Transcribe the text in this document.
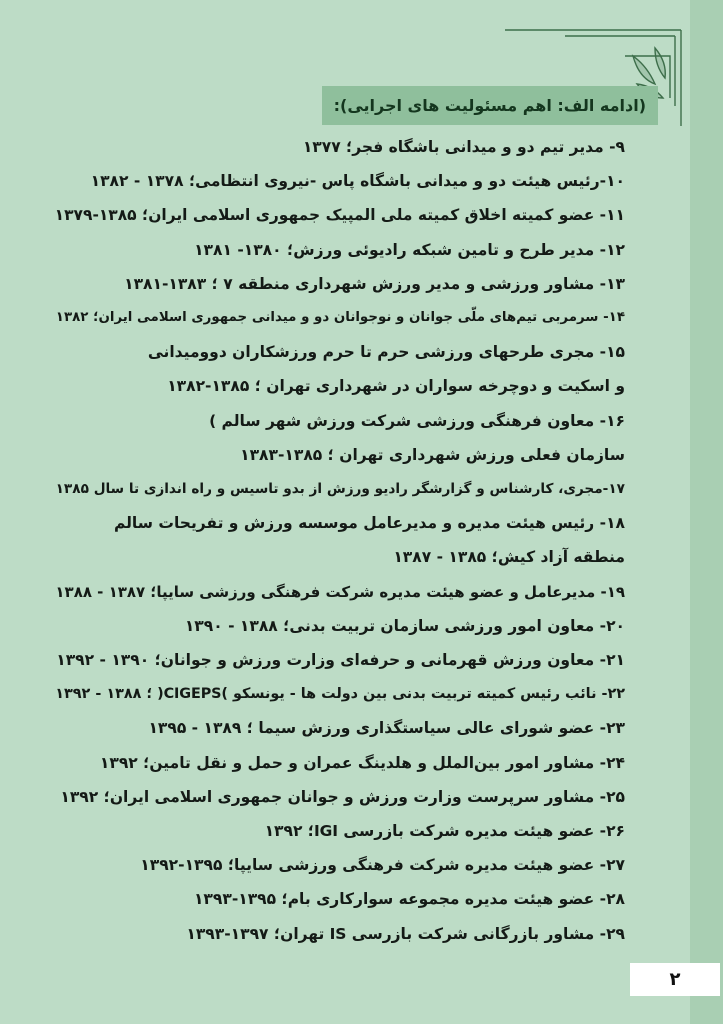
(ادامه الف: اهم مسئولیت های اجرایی):
۹- مدیر تیم دو و میدانی باشگاه فجر؛ ۱۳۷۷
۱۰-رئیس هیئت دو و میدانی باشگاه پاس -نیروی انتظامی؛ ۱۳۷۸ - ۱۳۸۲
۱۱- عضو کمیته اخلاق کمیته ملی المپیک جمهوری اسلامی ایران؛ ۱۳۸۵-۱۳۷۹
۱۲- مدیر طرح و تامین شبکه رادیوئی ورزش؛ ۱۳۸۰- ۱۳۸۱
۱۳- مشاور ورزشی و مدیر ورزش شهرداری منطقه ۷ ؛ ۱۳۸۳-۱۳۸۱
۱۴- سرمربی تیم‌های ملّی جوانان و نوجوانان دو و میدانی جمهوری اسلامی ایران؛ ۱۳۸۲
۱۵- مجری طرحهای ورزشی حرم تا حرم ورزشکاران دوومیدانی
و اسکیت و دوچرخه سواران در شهرداری تهران ؛ ۱۳۸۵-۱۳۸۲
۱۶- معاون فرهنگی ورزشی شرکت ورزش شهر سالم )
سازمان فعلی ورزش شهرداری تهران ؛ ۱۳۸۵-۱۳۸۳
۱۷-مجری، کارشناس و گزارشگر رادیو ورزش از بدو تاسیس و راه اندازی تا سال ۱۳۸۵
۱۸- رئیس هیئت مدیره و مدیرعامل موسسه ورزش و تفریحات سالم
منطقه آزاد کیش؛ ۱۳۸۵ - ۱۳۸۷
۱۹- مدیرعامل و عضو هیئت مدیره شرکت فرهنگی ورزشی سایپا؛ ۱۳۸۷ - ۱۳۸۸
۲۰- معاون امور ورزشی سازمان تربیت بدنی؛ ۱۳۸۸ - ۱۳۹۰
۲۱- معاون ورزش قهرمانی و حرفه‌ای وزارت ورزش و جوانان؛ ۱۳۹۰ - ۱۳۹۲
۲۲- نائب رئیس کمیته تربیت بدنی بین دولت ها - یونسکو )CIGEPS( ؛ ۱۳۸۸ - ۱۳۹۲
۲۳- عضو شورای عالی سیاستگذاری ورزش سیما ؛ ۱۳۸۹ - ۱۳۹۵
۲۴- مشاور امور بین‌الملل و هلدینگ عمران و حمل و نقل تامین؛ ۱۳۹۲
۲۵- مشاور سرپرست وزارت ورزش و جوانان جمهوری اسلامی ایران؛ ۱۳۹۲
۲۶- عضو هیئت مدیره شرکت بازرسی IGI؛ ۱۳۹۲
۲۷- عضو هیئت مدیره شرکت فرهنگی ورزشی سایپا؛ ۱۳۹۵-۱۳۹۲
۲۸- عضو هیئت مدیره مجموعه سوارکاری بام؛ ۱۳۹۵-۱۳۹۳
۲۹- مشاور بازرگانی شرکت بازرسی IS تهران؛ ۱۳۹۷-۱۳۹۳
۲
